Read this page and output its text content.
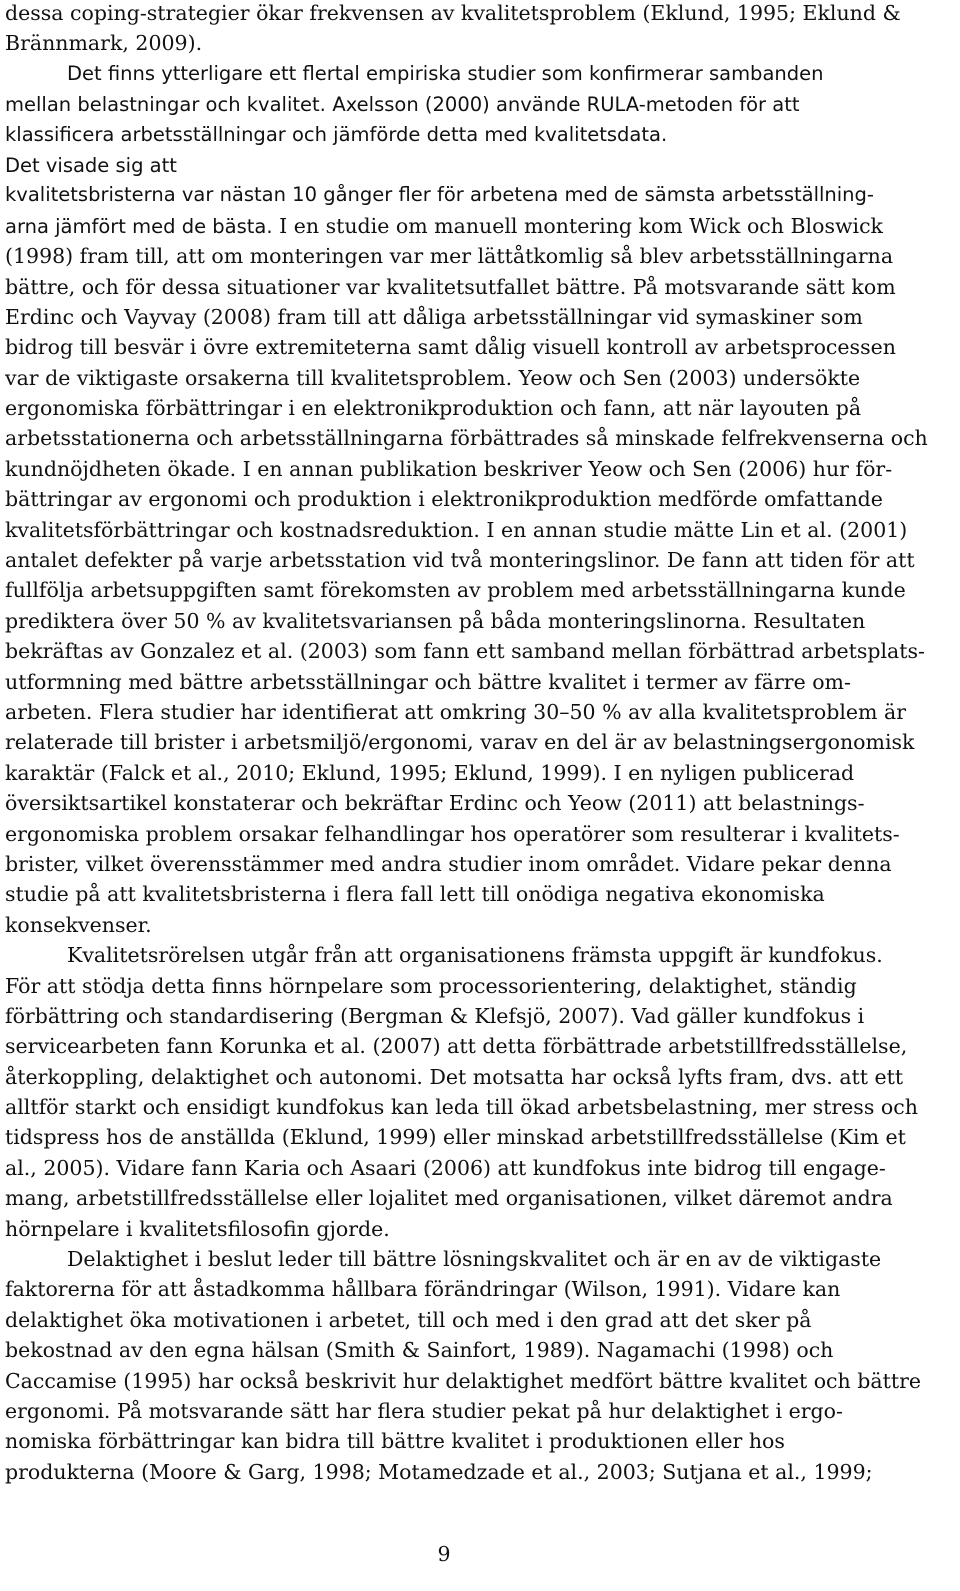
dessa coping-strategier ökar frekvensen av kvalitetsproblem (Eklund, 1995; Eklund &
Brännmark, 2009).
Det finns ytterligare ett flertal empiriska studier som konfirmerar sambanden
mellan belastningar och kvalitet. Axelsson (2000) använde RULA-metoden för att
klassificera arbetsställningar och jämförde detta med kvalitetsdata.
Det visade sig att
kvalitetsbristerna var nästan 10 gånger fler för arbetena med de sämsta arbetsställning-
arna jämfört med de bästa. I en studie om manuell montering kom Wick och Bloswick
(1998) fram till, att om monteringen var mer lättåtkomlig så blev arbetsställningarna
bättre, och för dessa situationer var kvalitetsutfallet bättre. På motsvarande sätt kom
Erdinc och Vayvay (2008) fram till att dåliga arbetsställningar vid symaskiner som
bidrog till besvär i övre extremiteterna samt dålig visuell kontroll av arbetsprocessen
var de viktigaste orsakerna till kvalitetsproblem. Yeow och Sen (2003) undersökte
ergonomiska förbättringar i en elektronikproduktion och fann, att när layouten på
arbetsstationerna och arbetsställningarna förbättrades så minskade felfrekvenserna och
kundnöjdheten ökade. I en annan publikation beskriver Yeow och Sen (2006) hur för-
bättringar av ergonomi och produktion i elektronikproduktion medförde omfattande
kvalitetsförbättringar och kostnadsreduktion. I en annan studie mätte Lin et al. (2001)
antalet defekter på varje arbetsstation vid två monteringslinor. De fann att tiden för att
fullfölja arbetsuppgiften samt förekomsten av problem med arbetsställningarna kunde
prediktera över 50 % av kvalitetsvariansen på båda monteringslinorna. Resultaten
bekräftas av Gonzalez et al. (2003) som fann ett samband mellan förbättrad arbetsplats-
utformning med bättre arbetsställningar och bättre kvalitet i termer av färre om-
arbeten. Flera studier har identifierat att omkring 30–50 % av alla kvalitetsproblem är
relaterade till brister i arbetsmiljö/ergonomi, varav en del är av belastningsergonomisk
karaktär (Falck et al., 2010; Eklund, 1995; Eklund, 1999). I en nyligen publicerad
översiktsartikel konstaterar och bekräftar Erdinc och Yeow (2011) att belastnings-
ergonomiska problem orsakar felhandlingar hos operatörer som resulterar i kvalitets-
brister, vilket överensstämmer med andra studier inom området. Vidare pekar denna
studie på att kvalitetsbristerna i flera fall lett till onödiga negativa ekonomiska
konsekvenser.
Kvalitetsrörelsen utgår från att organisationens främsta uppgift är kundfokus.
För att stödja detta finns hörnpelare som processorientering, delaktighet, ständig
förbättring och standardisering (Bergman & Klefsjö, 2007). Vad gäller kundfokus i
servicearbeten fann Korunka et al. (2007) att detta förbättrade arbetstillfredsställelse,
återkoppling, delaktighet och autonomi. Det motsatta har också lyfts fram, dvs. att ett
alltför starkt och ensidigt kundfokus kan leda till ökad arbetsbelastning, mer stress och
tidspress hos de anställda (Eklund, 1999) eller minskad arbetstillfredsställelse (Kim et
al., 2005). Vidare fann Karia och Asaari (2006) att kundfokus inte bidrog till engage-
mang, arbetstillfredsställelse eller lojalitet med organisationen, vilket däremot andra
hörnpelare i kvalitetsfilosofin gjorde.
Delaktighet i beslut leder till bättre lösningskvalitet och är en av de viktigaste
faktorerna för att åstadkomma hållbara förändringar (Wilson, 1991). Vidare kan
delaktighet öka motivationen i arbetet, till och med i den grad att det sker på
bekostnad av den egna hälsan (Smith & Sainfort, 1989). Nagamachi (1998) och
Caccamise (1995) har också beskrivit hur delaktighet medfört bättre kvalitet och bättre
ergonomi. På motsvarande sätt har flera studier pekat på hur delaktighet i ergo-
nomiska förbättringar kan bidra till bättre kvalitet i produktionen eller hos
produkterna (Moore & Garg, 1998; Motamedzade et al., 2003; Sutjana et al., 1999;
9
